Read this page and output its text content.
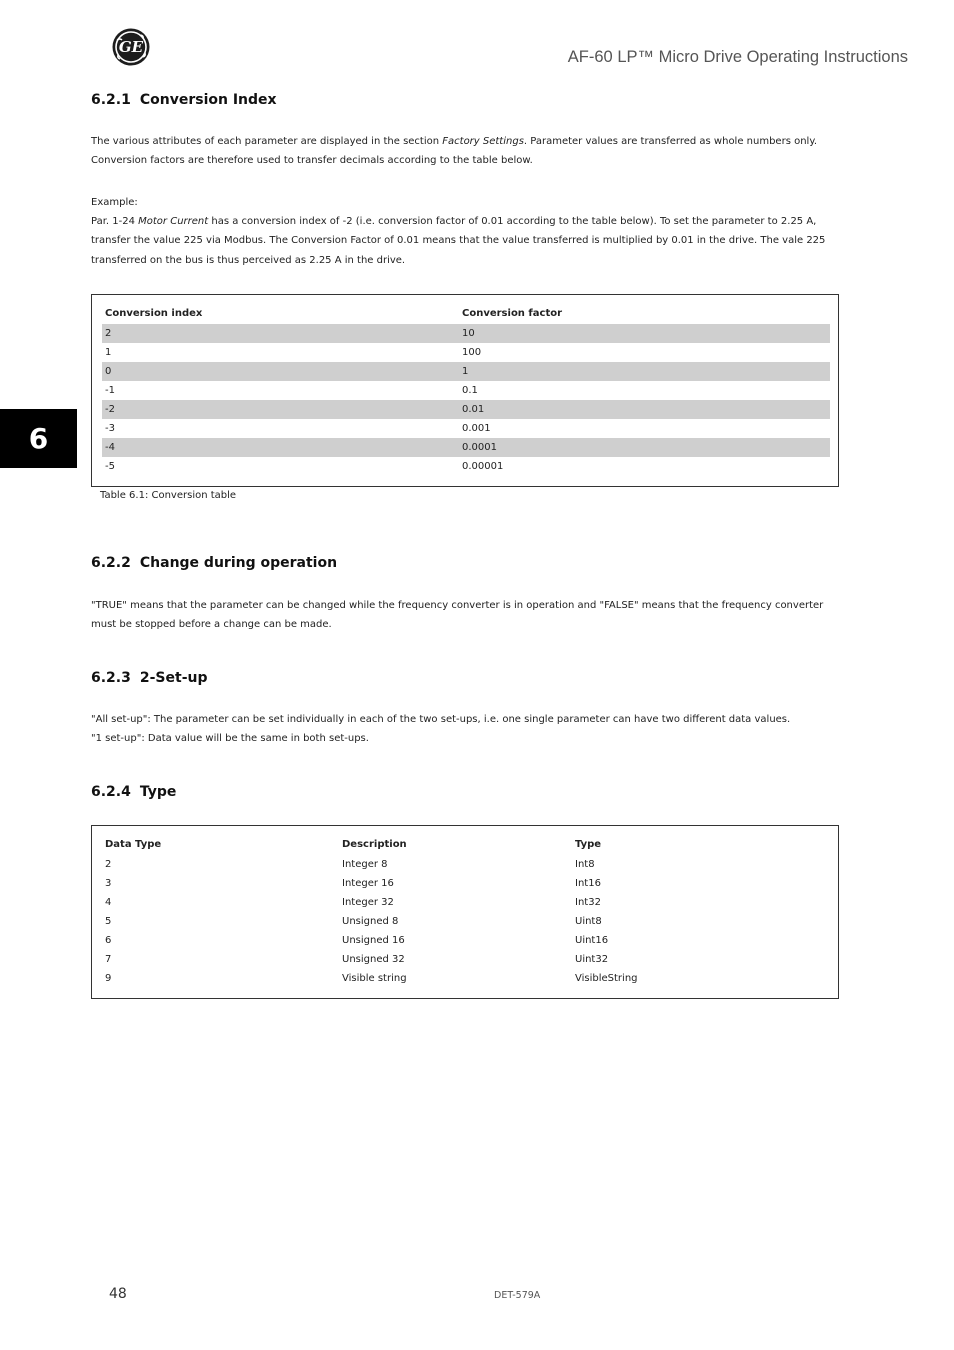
GE
AF-60 LP™ Micro Drive Operating Instructions
6
6.2.1 Conversion Index

The various attributes of each parameter are displayed in the section Factory Settings. Parameter values are transferred as whole numbers only. Conversion factors are therefore used to transfer decimals according to the table below.

Example:

Par. 1-24 Motor Current has a conversion index of -2 (i.e. conversion factor of 0.01 according to the table below). To set the parameter to 2.25 A, transfer the value 225 via Modbus. The Conversion Factor of 0.01 means that the value transferred is multiplied by 0.01 in the drive. The vale 225 transferred on the bus is thus perceived as 2.25 A in the drive.

Conversion index	Conversion factor
2	10
1	100
0	1
-1	0.1
-2	0.01
-3	0.001
-4	0.0001
-5	0.00001
Table 6.1: Conversion table
6.2.2 Change during operation

"TRUE" means that the parameter can be changed while the frequency converter is in operation and "FALSE" means that the frequency converter must be stopped before a change can be made.

6.2.3 2-Set-up

"All set-up": The parameter can be set individually in each of the two set-ups, i.e. one single parameter can have two different data values.

"1 set-up": Data value will be the same in both set-ups.

6.2.4 Type
Data Type	Description	Type
2	Integer 8	Int8
3	Integer 16	Int16
4	Integer 32	Int32
5	Unsigned 8	Uint8
6	Unsigned 16	Uint16
7	Unsigned 32	Uint32
9	Visible string	VisibleString
48	DET-579A
